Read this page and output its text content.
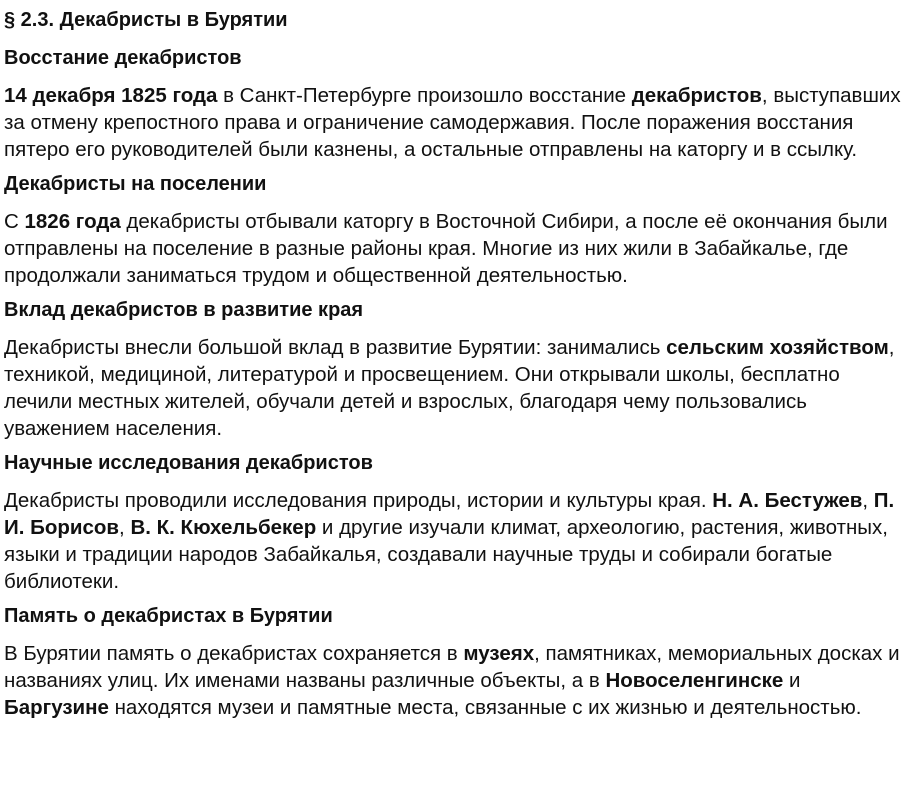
§ 2.3. Декабристы в Бурятии
Восстание декабристов
14 декабря 1825 года в Санкт-Петербурге произошло восстание декабристов, выступавших за отмену крепостного права и ограничение самодержавия. После поражения восстания пятеро его руководителей были казнены, а остальные отправлены на каторгу и в ссылку.
Декабристы на поселении
С 1826 года декабристы отбывали каторгу в Восточной Сибири, а после её окончания были отправлены на поселение в разные районы края. Многие из них жили в Забайкалье, где продолжали заниматься трудом и общественной деятельностью.
Вклад декабристов в развитие края
Декабристы внесли большой вклад в развитие Бурятии: занимались сельским хозяйством, техникой, медициной, литературой и просвещением. Они открывали школы, бесплатно лечили местных жителей, обучали детей и взрослых, благодаря чему пользовались уважением населения.
Научные исследования декабристов
Декабристы проводили исследования природы, истории и культуры края. Н. А. Бестужев, П. И. Борисов, В. К. Кюхельбекер и другие изучали климат, археологию, растения, животных, языки и традиции народов Забайкалья, создавали научные труды и собирали богатые библиотеки.
Память о декабристах в Бурятии
В Бурятии память о декабристах сохраняется в музеях, памятниках, мемориальных досках и названиях улиц. Их именами названы различные объекты, а в Новоселенгинске и Баргузине находятся музеи и памятные места, связанные с их жизнью и деятельностью.
